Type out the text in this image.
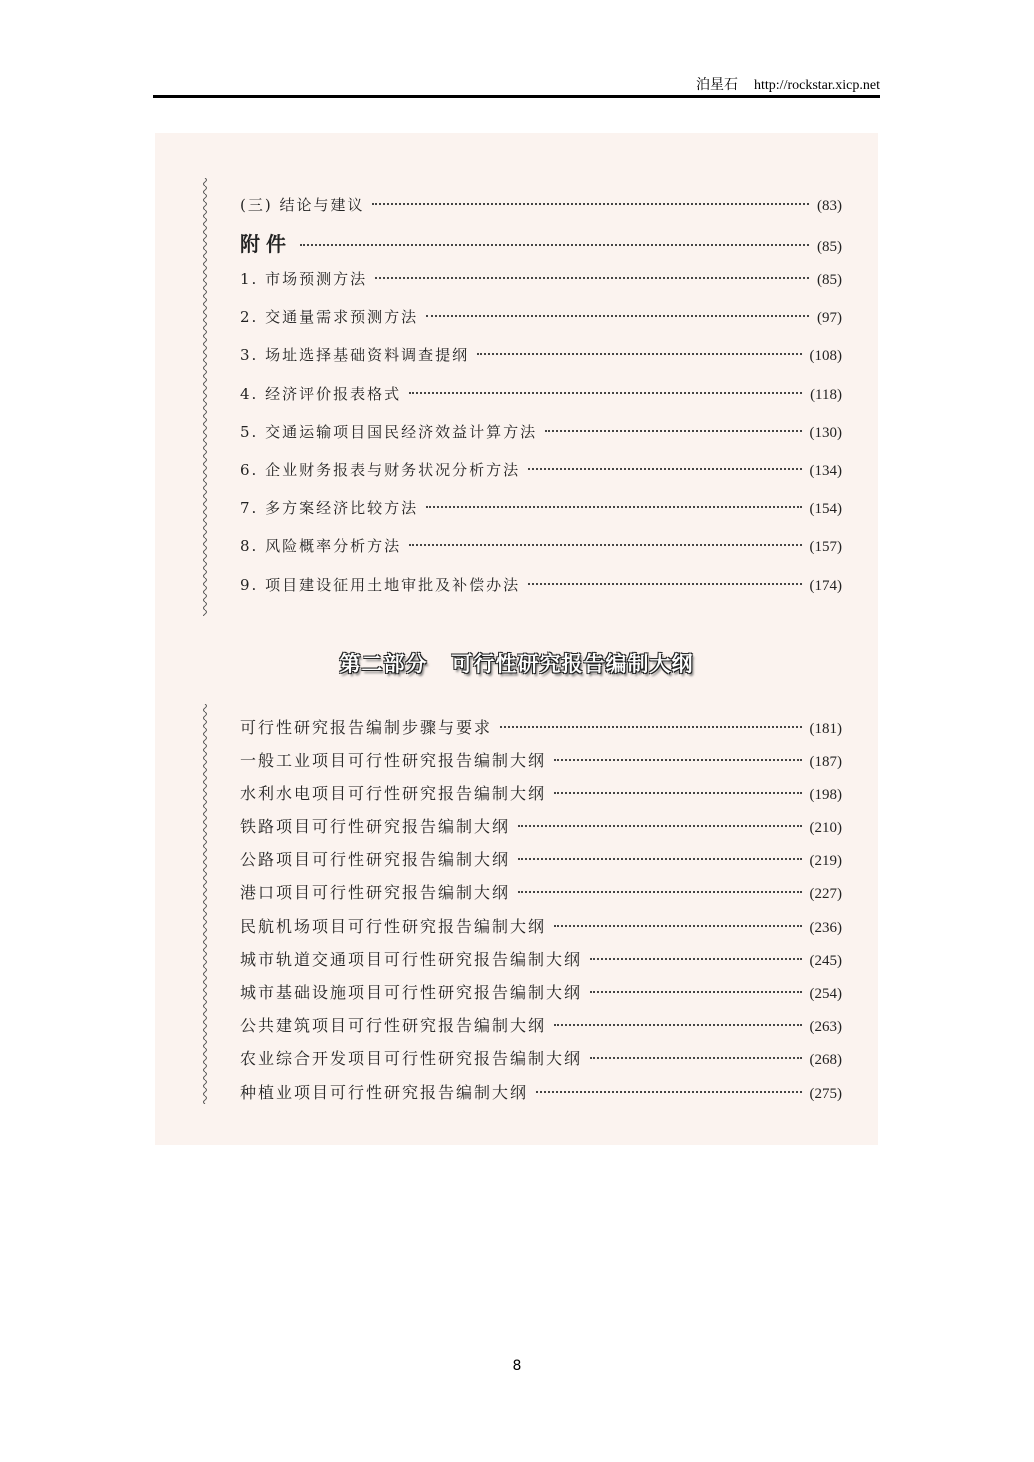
泊星石 http://rockstar.xicp.net
(三) 结论与建议	(83)
附件	(85)
1. 市场预测方法	(85)
2. 交通量需求预测方法	(97)
3. 场址选择基础资料调查提纲	(108)
4. 经济评价报表格式	(118)
5. 交通运输项目国民经济效益计算方法	(130)
6. 企业财务报表与财务状况分析方法	(134)
7. 多方案经济比较方法	(154)
8. 风险概率分析方法	(157)
9. 项目建设征用土地审批及补偿办法	(174)
第二部分 可行性研究报告编制大纲
可行性研究报告编制步骤与要求	(181)
一般工业项目可行性研究报告编制大纲	(187)
水利水电项目可行性研究报告编制大纲	(198)
铁路项目可行性研究报告编制大纲	(210)
公路项目可行性研究报告编制大纲	(219)
港口项目可行性研究报告编制大纲	(227)
民航机场项目可行性研究报告编制大纲	(236)
城市轨道交通项目可行性研究报告编制大纲	(245)
城市基础设施项目可行性研究报告编制大纲	(254)
公共建筑项目可行性研究报告编制大纲	(263)
农业综合开发项目可行性研究报告编制大纲	(268)
种植业项目可行性研究报告编制大纲	(275)
8
